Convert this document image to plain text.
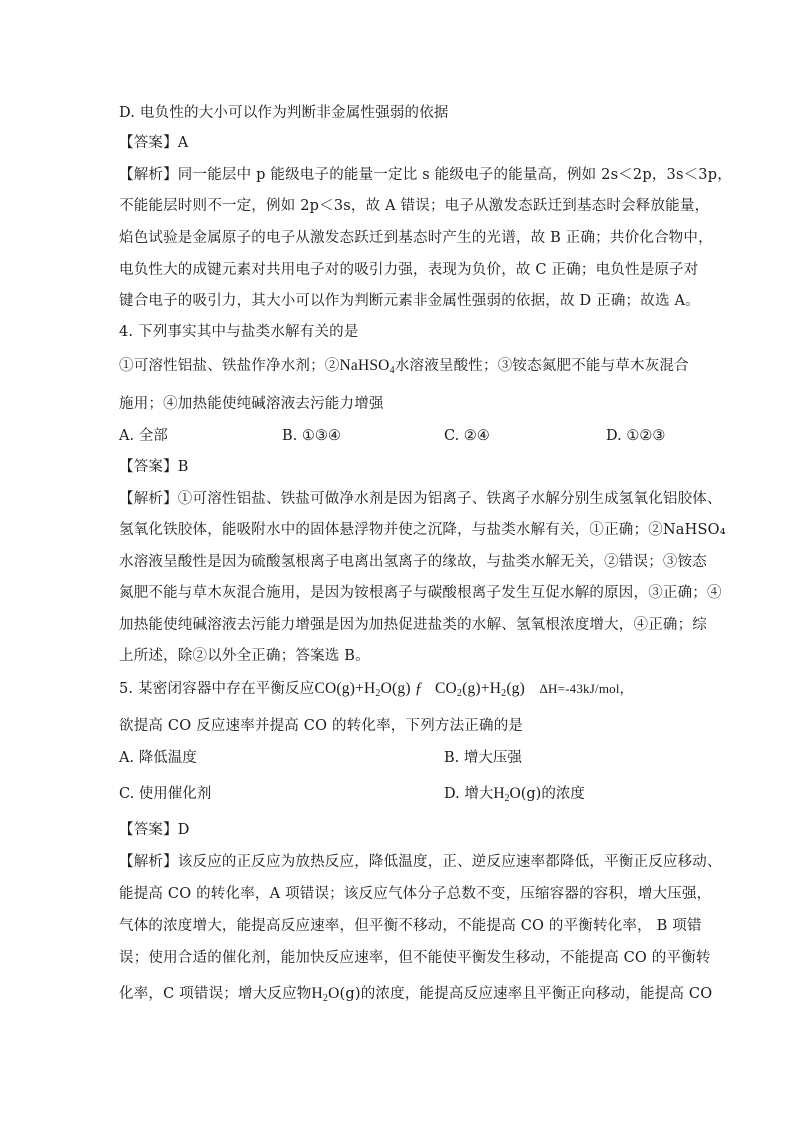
D. 电负性的大小可以作为判断非金属性强弱的依据
【答案】A
【解析】同一能层中 p 能级电子的能量一定比 s 能级电子的能量高，例如 2s＜2p，3s＜3p，
不能能层时则不一定，例如 2p＜3s，故 A 错误；电子从激发态跃迁到基态时会释放能量，
焰色试验是金属原子的电子从激发态跃迁到基态时产生的光谱，故 B 正确；共价化合物中，
电负性大的成键元素对共用电子对的吸引力强，表现为负价，故 C 正确；电负性是原子对
键合电子的吸引力，其大小可以作为判断元素非金属性强弱的依据，故 D 正确；故选 A。
4. 下列事实其中与盐类水解有关的是
①可溶性铝盐、铁盐作净水剂；②NaHSO$_4$水溶液呈酸性；③铵态氮肥不能与草木灰混合
施用；④加热能使纯碱溶液去污能力增强
A. 全部	B. ①③④	C. ②④	D. ①②③
【答案】B
【解析】①可溶性铝盐、铁盐可做净水剂是因为铝离子、铁离子水解分别生成氢氧化铝胶体、
氢氧化铁胶体，能吸附水中的固体悬浮物并使之沉降，与盐类水解有关，①正确；②NaHSO₄
水溶液呈酸性是因为硫酸氢根离子电离出氢离子的缘故，与盐类水解无关，②错误；③铵态
氮肥不能与草木灰混合施用，是因为铵根离子与碳酸根离子发生互促水解的原因，③正确；④
加热能使纯碱溶液去污能力增强是因为加热促进盐类的水解、氢氧根浓度增大，④正确；综
上所述，除②以外全正确；答案选 B。
5. 某密闭容器中存在平衡反应$CO(g)+H_2O(g)$ ƒ $CO_2(g)+H_2(g)$ ΔH=-43kJ/mol，
欲提高 CO 反应速率并提高 CO 的转化率，下列方法正确的是
A. 降低温度	B. 增大压强
C. 使用催化剂	D. 增大$H_2O(g)$的浓度
【答案】D
【解析】该反应的正反应为放热反应，降低温度，正、逆反应速率都降低，平衡正反应移动、
能提高 CO 的转化率，A 项错误；该反应气体分子总数不变，压缩容器的容积，增大压强，
气体的浓度增大，能提高反应速率，但平衡不移动，不能提高 CO 的平衡转化率， B 项错
误；使用合适的催化剂，能加快反应速率，但不能使平衡发生移动，不能提高 CO 的平衡转
化率，C 项错误；增大反应物$H_2O(g)$的浓度，能提高反应速率且平衡正向移动，能提高 CO
